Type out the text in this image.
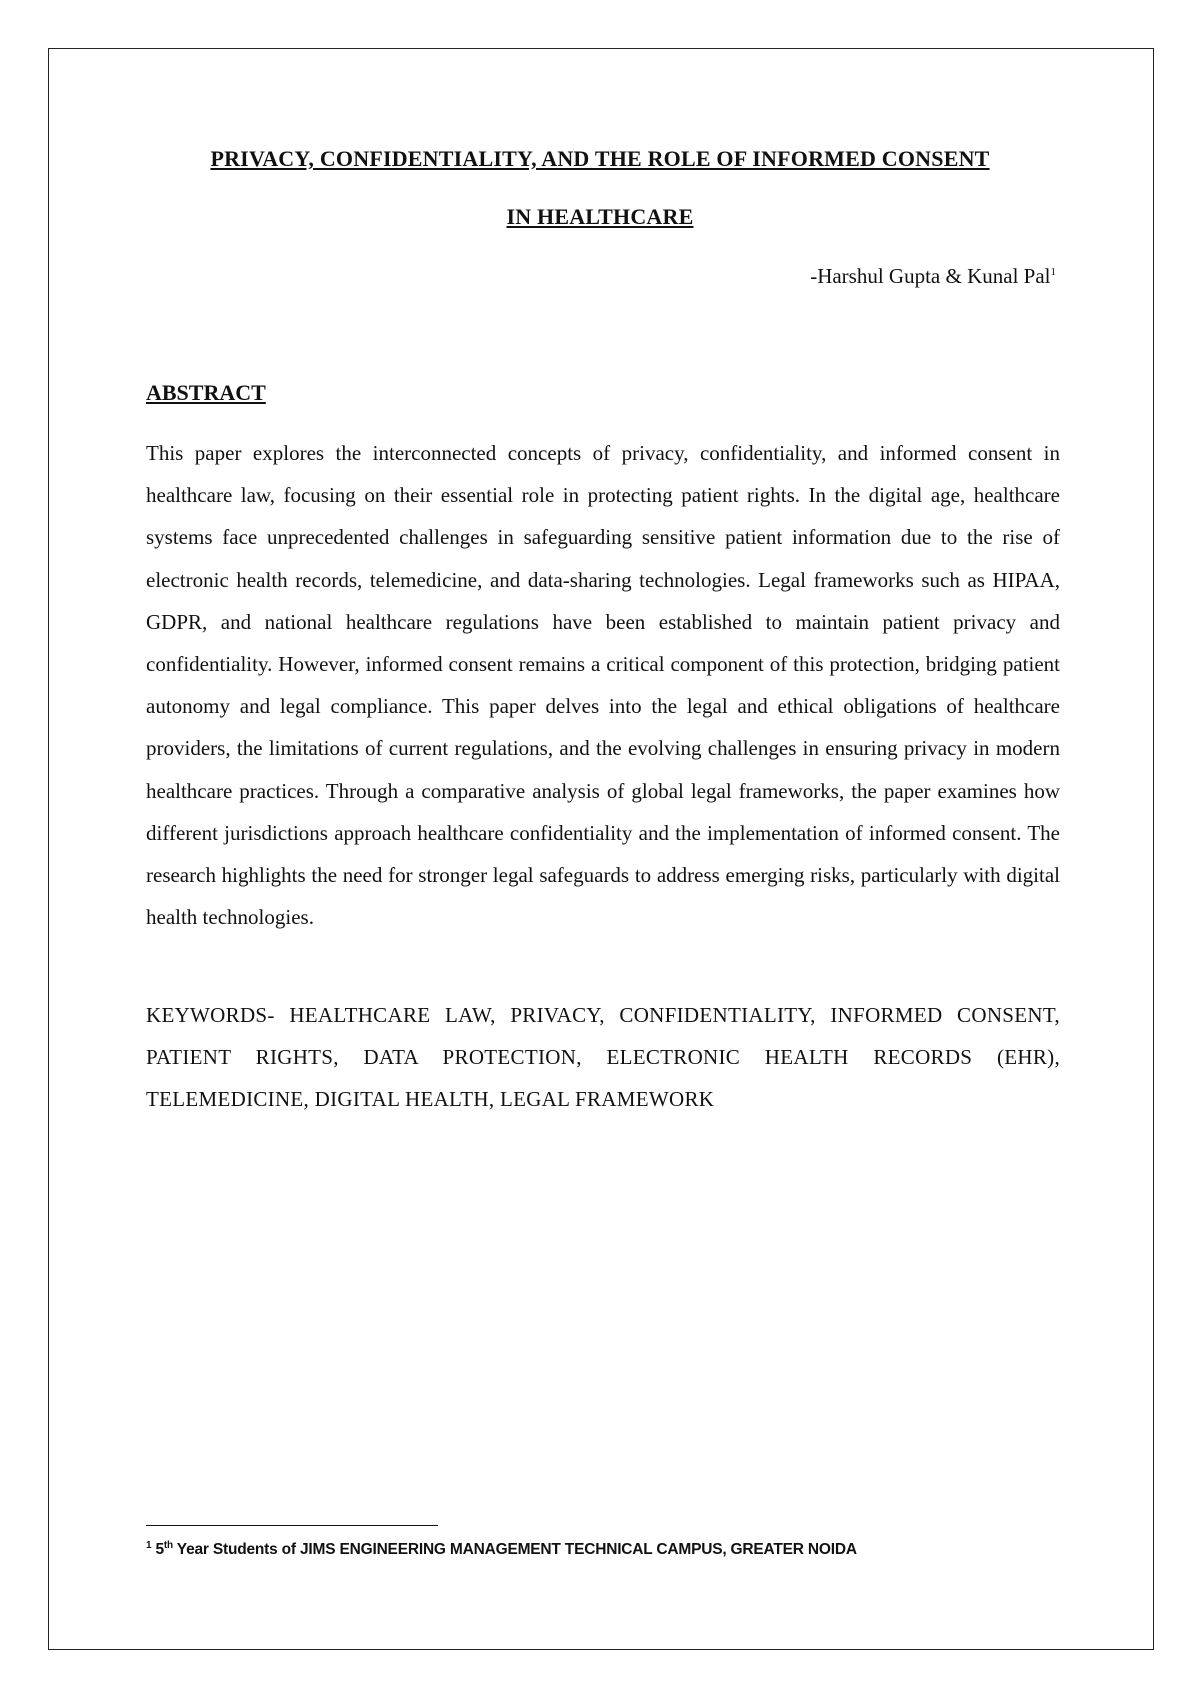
PRIVACY, CONFIDENTIALITY, AND THE ROLE OF INFORMED CONSENT
IN HEALTHCARE
-Harshul Gupta & Kunal Pal$^1$
ABSTRACT

This paper explores the interconnected concepts of privacy, confidentiality, and informed consent in healthcare law, focusing on their essential role in protecting patient rights. In the digital age, healthcare systems face unprecedented challenges in safeguarding sensitive patient information due to the rise of electronic health records, telemedicine, and data-sharing technologies. Legal frameworks such as HIPAA, GDPR, and national healthcare regulations have been established to maintain patient privacy and confidentiality. However, informed consent remains a critical component of this protection, bridging patient autonomy and legal compliance. This paper delves into the legal and ethical obligations of healthcare providers, the limitations of current regulations, and the evolving challenges in ensuring privacy in modern healthcare practices. Through a comparative analysis of global legal frameworks, the paper examines how different jurisdictions approach healthcare confidentiality and the implementation of informed consent. The research highlights the need for stronger legal safeguards to address emerging risks, particularly with digital health technologies.

KEYWORDS- HEALTHCARE LAW, PRIVACY, CONFIDENTIALITY, INFORMED CONSENT, PATIENT RIGHTS, DATA PROTECTION, ELECTRONIC HEALTH RECORDS (EHR), TELEMEDICINE, DIGITAL HEALTH, LEGAL FRAMEWORK

$^1$ 5th Year Students of JIMS ENGINEERING MANAGEMENT TECHNICAL CAMPUS, GREATER NOIDA
